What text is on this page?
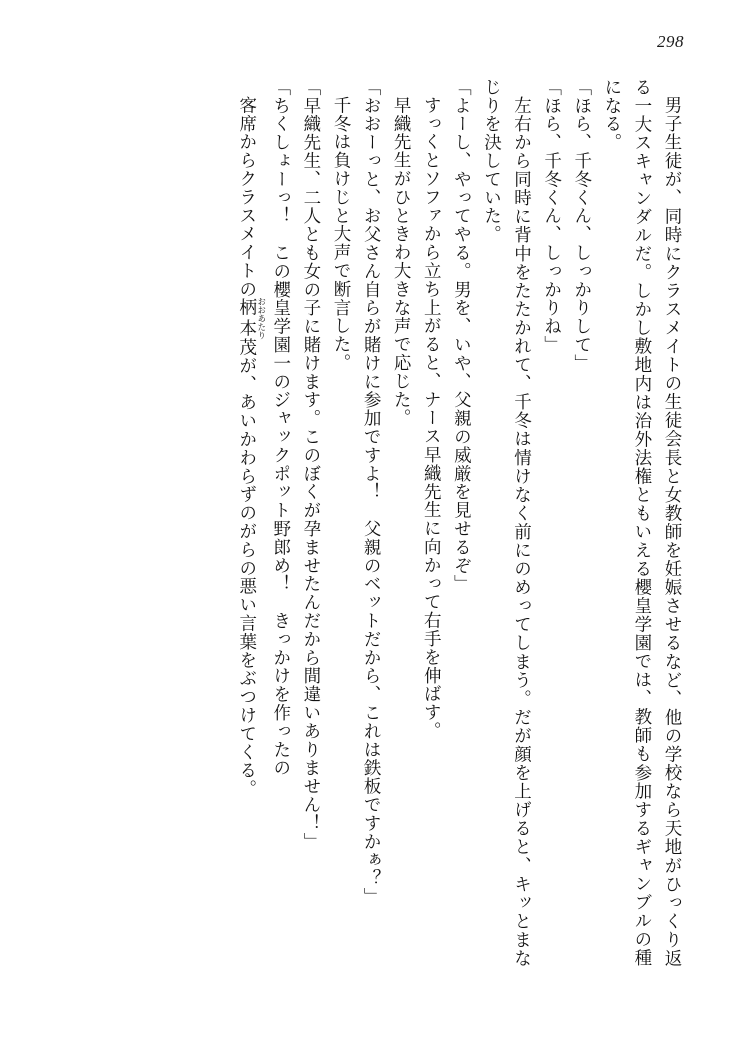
298

男子生徒が、同時にクラスメイトの生徒会長と女教師を妊娠させるなど、他の学校なら天地がひっくり返る一大スキャンダルだ。しかし敷地内は治外法権ともいえる櫻皇学園では、教師も参加するギャンブルの種になる。

「ほら、千冬くん、しっかりして」

「ほら、千冬くん、しっかりね」

左右から同時に背中をたたかれて、千冬は情けなく前にのめってしまう。だが顔を上げると、キッとまなじりを決していた。

「よーし、やってやる。男を、いや、父親の威厳を見せるぞ」

すっくとソファから立ち上がると、ナース早織先生に向かって右手を伸ばす。

早織先生がひときわ大きな声で応じた。

「おおーっと、お父さん自らが賭けに参加ですよ！　父親のベットだから、これは鉄板ですかぁ？」

千冬は負けじと大声で断言した。

「早織先生、二人とも女の子に賭けます。このぼくが孕ませたんだから間違いありません！」

「ちくしょーっ！　この櫻皇学園一のジャックポット野郎め！　きっかけを作ったの

客席からクラスメイトの柄本 おおあたり茂が、あいかわらずのがらの悪い言葉をぶつけてくる。
